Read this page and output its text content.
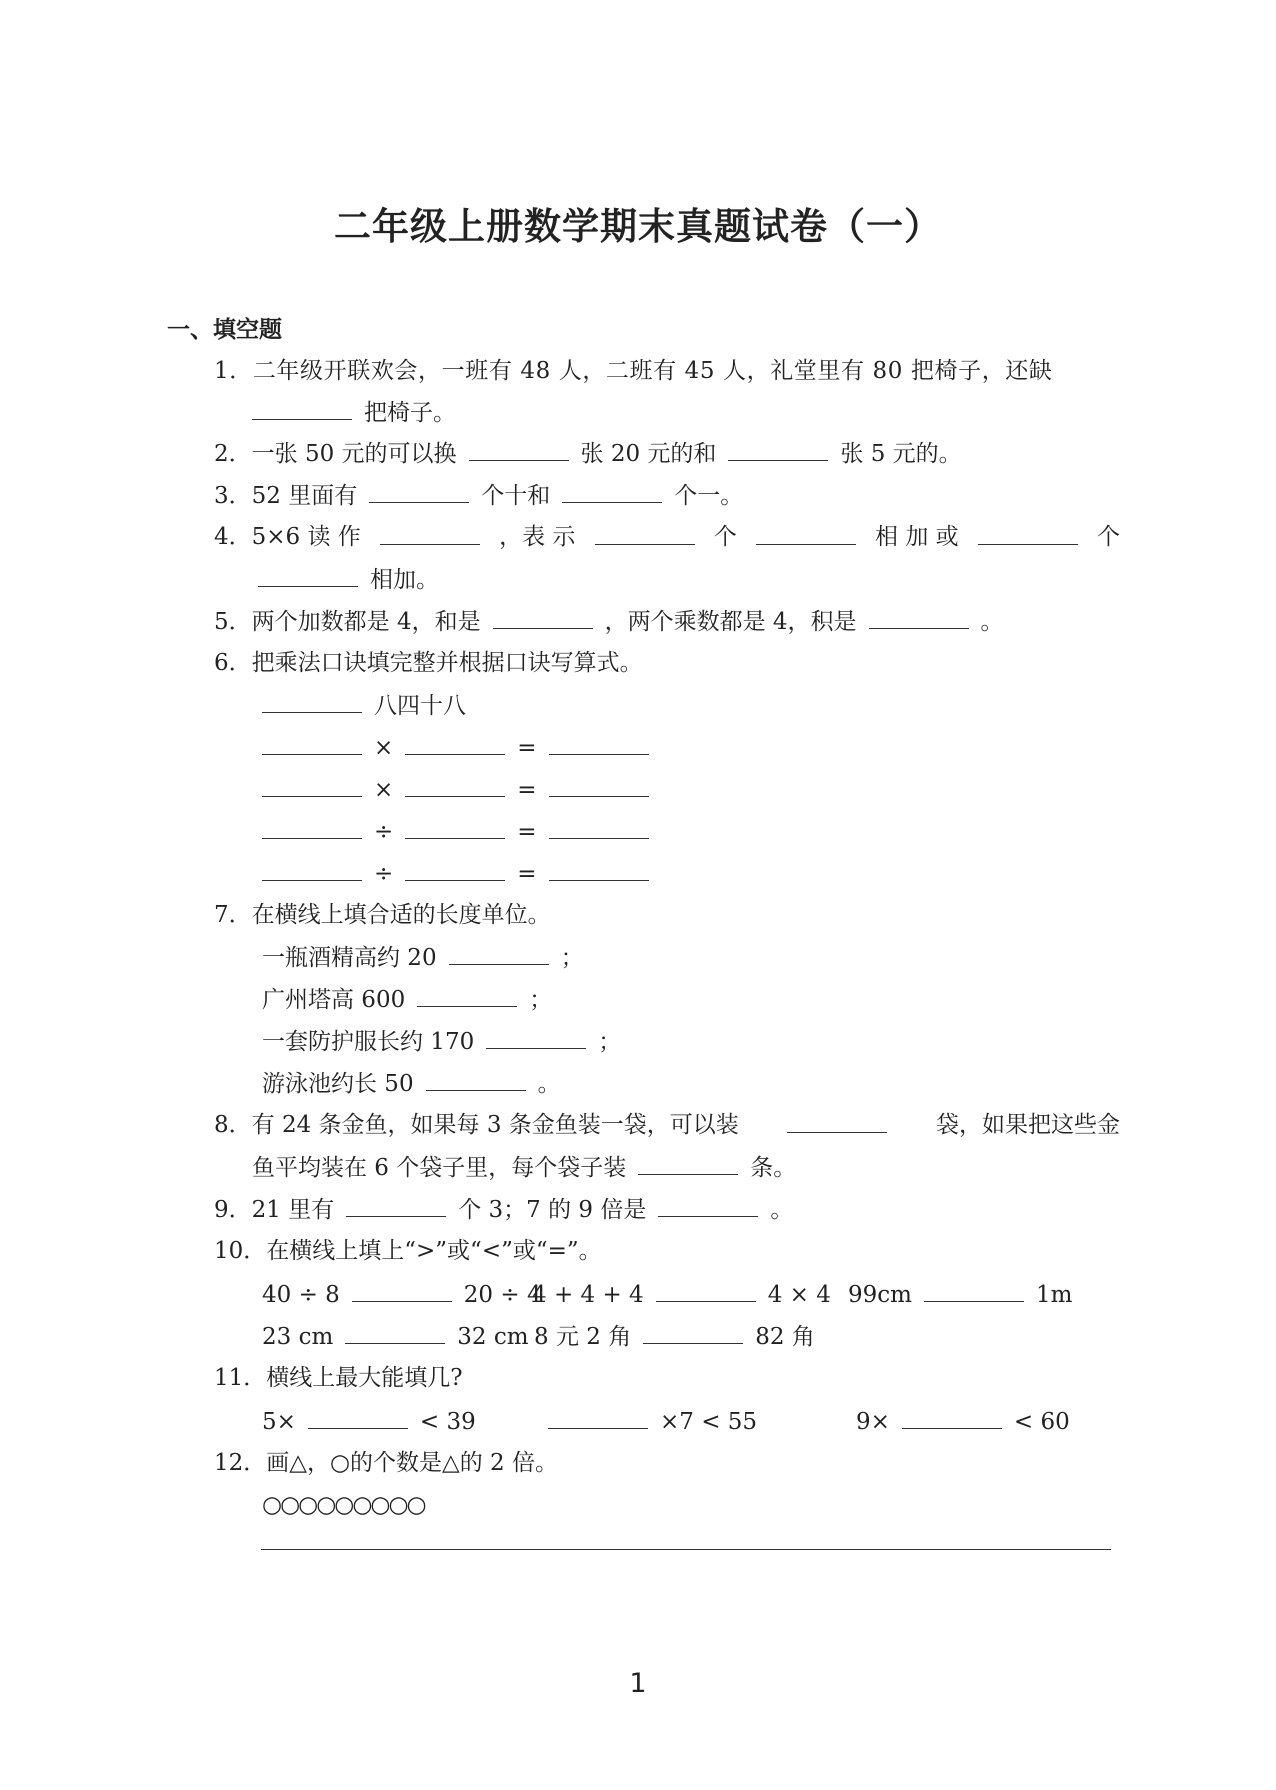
二年级上册数学期末真题试卷（一）
一、填空题
1．二年级开联欢会，一班有 48 人，二班有 45 人，礼堂里有 80 把椅子，还缺
把椅子。
2．一张 50 元的可以换	张 20 元的和	张 5 元的。
3．52 里面有	个十和	个一。
4．5×6 读 作	，表 示	个	相 加 或	个
相加。
5．两个加数都是 4，和是	，两个乘数都是 4，积是	。
6．把乘法口诀填完整并根据口诀写算式。
八四十八
×	=
×	=
÷	=
÷	=
7．在横线上填合适的长度单位。
一瓶酒精高约 20	；
广州塔高 600	；
一套防护服长约 170	；
游泳池约长 50	。
8．有 24 条金鱼，如果每 3 条金鱼装一袋，可以装	袋，如果把这些金
鱼平均装在 6 个袋子里，每个袋子装	条。
9．21 里有	个 3；7 的 9 倍是	。
10．在横线上填上“>”或“<”或“=”。
40 ÷ 8	20 ÷ 4
4 + 4 + 4	4 × 4 99cm	1m
23 cm	32 cm 8 元 2 角	82 角
11．横线上最大能填几?
5×	< 39	×7 < 55	9×	< 60
12．画△，○的个数是△的 2 倍。
○○○○○○○○○
1
